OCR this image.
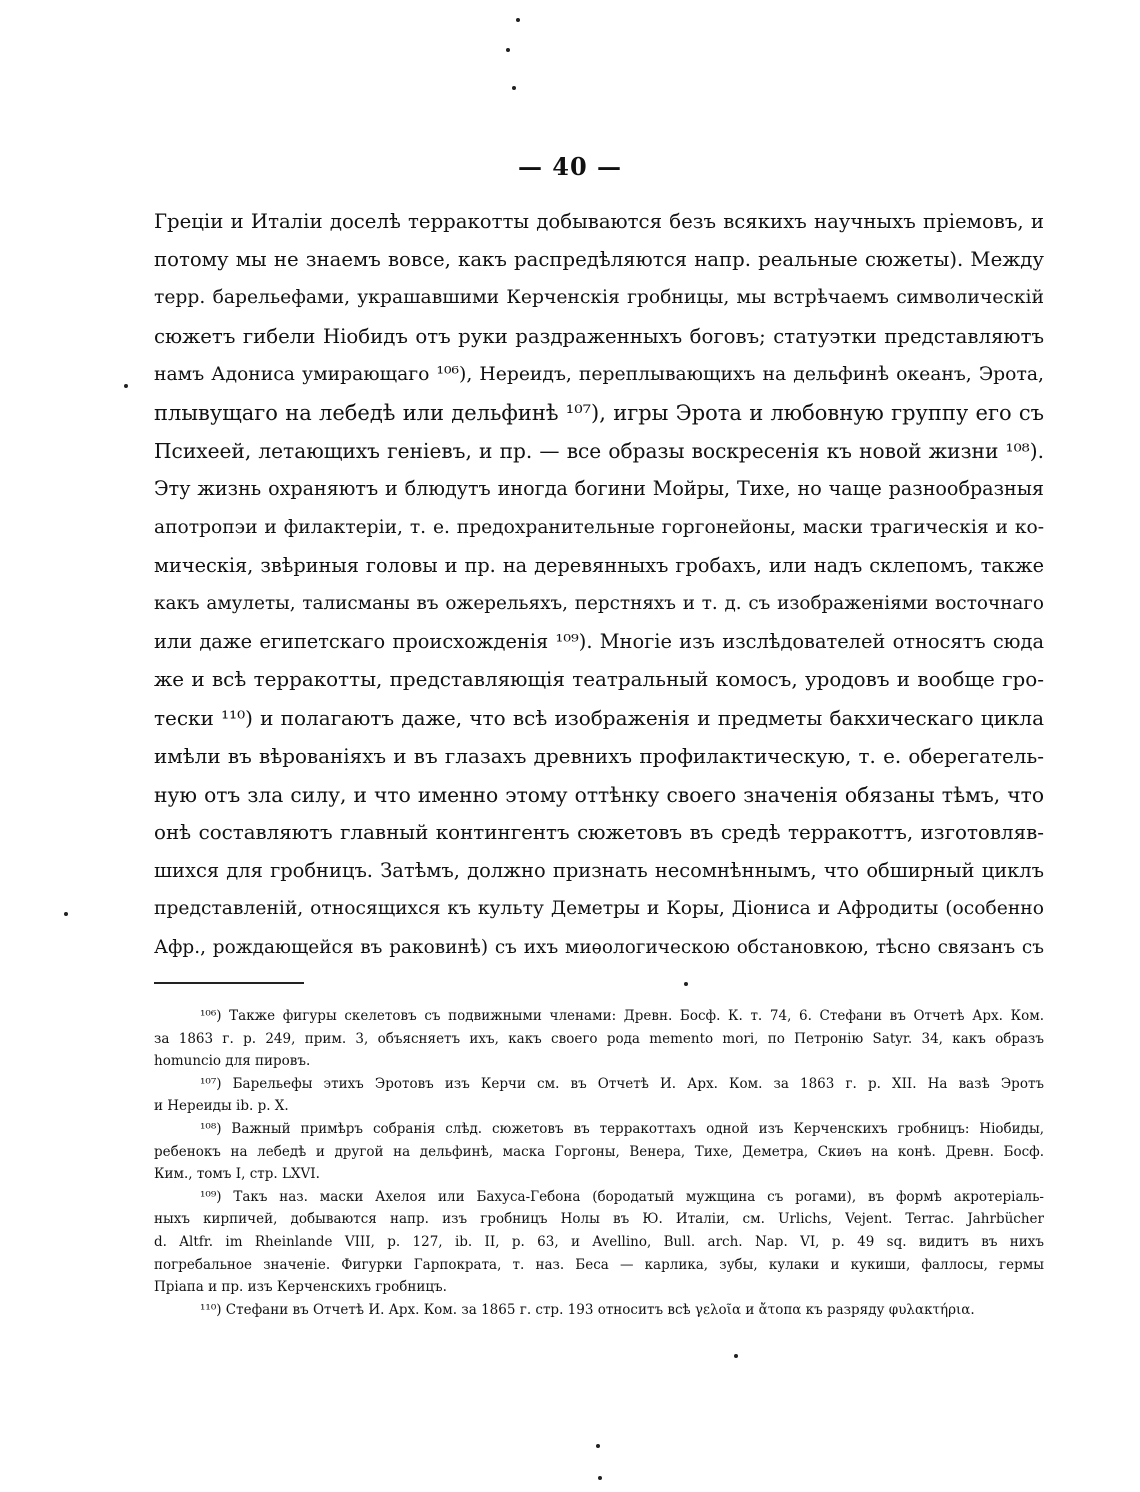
— 40 —
Греціи и Италіи доселѣ терракотты добываются безъ всякихъ научныхъ пріемовъ, и
потому мы не знаемъ вовсе, какъ распредѣляются напр. реальные сюжеты). Между
терр. барельефами, украшавшими Керченскія гробницы, мы встрѣчаемъ символическій
сюжетъ гибели Ніобидъ отъ руки раздраженныхъ боговъ; статуэтки представляютъ
намъ Адониса умирающаго ¹⁰⁶), Нереидъ, переплывающихъ на дельфинѣ океанъ, Эрота,
плывущаго на лебедѣ или дельфинѣ ¹⁰⁷), игры Эрота и любовную группу его съ
Психеей, летающихъ геніевъ, и пр. — все образы воскресенія къ новой жизни ¹⁰⁸).
Эту жизнь охраняютъ и блюдутъ иногда богини Мойры, Тихе, но чаще разнообразныя
апотропэи и филактеріи, т. е. предохранительные горгонейоны, маски трагическія и ко-
мическія, звѣриныя головы и пр. на деревянныхъ гробахъ, или надъ склепомъ, также
какъ амулеты, талисманы въ ожерельяхъ, перстняхъ и т. д. съ изображеніями восточнаго
или даже египетскаго происхожденія ¹⁰⁹). Многіе изъ изслѣдователей относятъ сюда
же и всѣ терракотты, представляющія театральный комосъ, уродовъ и вообще гро-
тески ¹¹⁰) и полагаютъ даже, что всѣ изображенія и предметы бакхическаго цикла
имѣли въ вѣрованіяхъ и въ глазахъ древнихъ профилактическую, т. е. оберегатель-
ную отъ зла силу, и что именно этому оттѣнку своего значенія обязаны тѣмъ, что
онѣ составляютъ главный контингентъ сюжетовъ въ средѣ терракоттъ, изготовляв-
шихся для гробницъ. Затѣмъ, должно признать несомнѣннымъ, что обширный циклъ
представленій, относящихся къ культу Деметры и Коры, Діониса и Афродиты (особенно
Афр., рождающейся въ раковинѣ) съ ихъ миѳологическою обстановкою, тѣсно связанъ съ
¹⁰⁶) Также фигуры скелетовъ съ подвижными членами: Древн. Босф. К. т. 74, 6. Стефани въ Отчетѣ Арх. Ком.
за 1863 г. р. 249, прим. 3, объясняетъ ихъ, какъ своего рода memento mori, по Петронію Satyr. 34, какъ образъ
homuncio для пировъ.
¹⁰⁷) Барельефы этихъ Эротовъ изъ Керчи см. въ Отчетѣ И. Арх. Ком. за 1863 г. р. XII. На вазѣ Эротъ
и Нереиды ib. р. X.
¹⁰⁸) Важный примѣръ собранія слѣд. сюжетовъ въ терракоттахъ одной изъ Керченскихъ гробницъ: Ніобиды,
ребенокъ на лебедѣ и другой на дельфинѣ, маска Горгоны, Венера, Тихе, Деметра, Скиѳъ на конѣ. Древн. Босф.
Ким., томъ I, стр. LXVI.
¹⁰⁹) Такъ наз. маски Ахелоя или Бахуса-Гебона (бородатый мужщина съ рогами), въ формѣ акротеріаль-
ныхъ кирпичей, добываются напр. изъ гробницъ Нолы въ Ю. Италіи, см. Urlichs, Vejent. Terrac. Jahrbücher
d. Altfr. im Rheinlande VIII, р. 127, ib. II, р. 63, и Avellino, Bull. arch. Nap. VI, р. 49 sq. видитъ въ нихъ
погребальное значеніе. Фигурки Гарпократа, т. наз. Беса — карлика, зубы, кулаки и кукиши, фаллосы, гермы
Пріапа и пр. изъ Керченскихъ гробницъ.
¹¹⁰) Стефани въ Отчетѣ И. Арх. Ком. за 1865 г. стр. 193 относитъ всѣ γελοῖα и ἄτοπα къ разряду φυλακτήρια.
